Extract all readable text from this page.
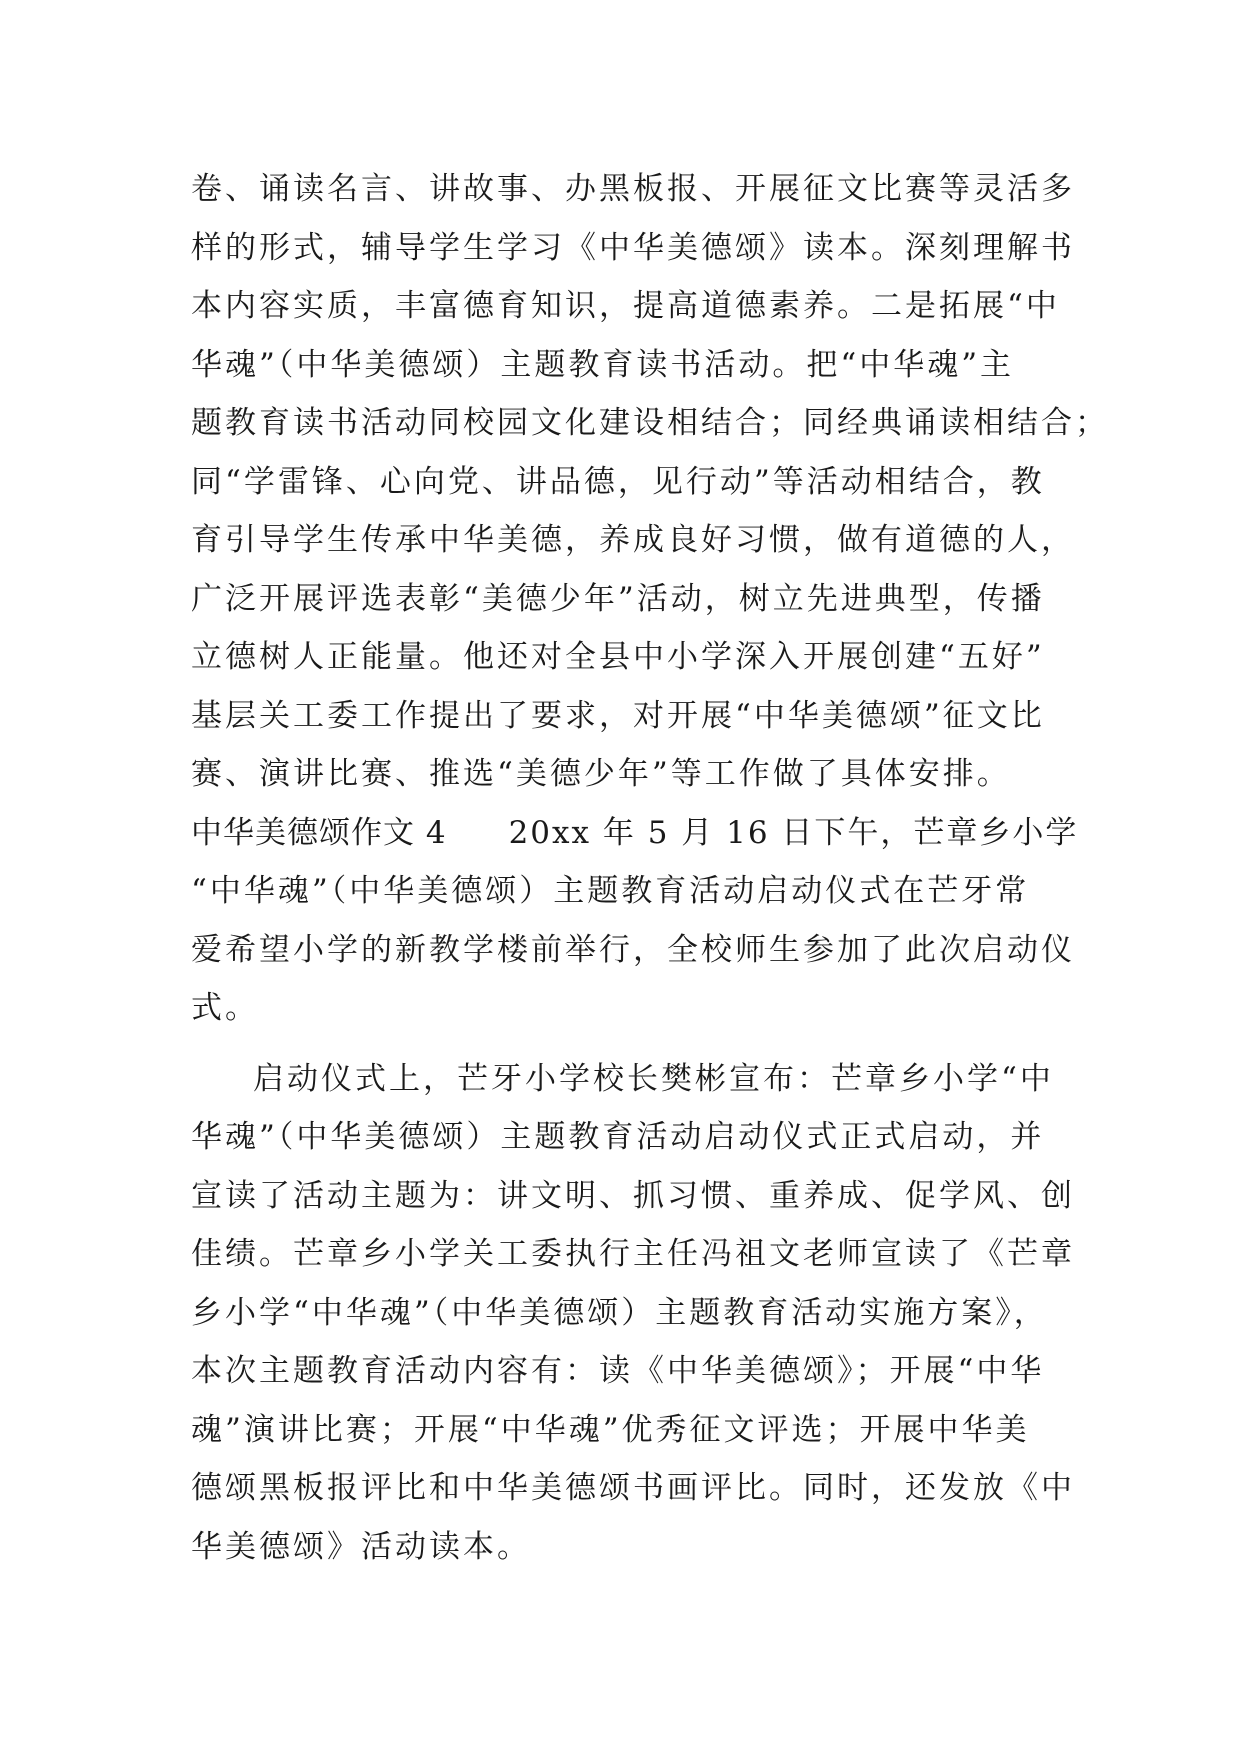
卷、诵读名言、讲故事、办黑板报、开展征文比赛等灵活多
样的形式，辅导学生学习《中华美德颂》读本。深刻理解书
本内容实质，丰富德育知识，提高道德素养。二是拓展“中
华魂”（中华美德颂）主题教育读书活动。把“中华魂”主
题教育读书活动同校园文化建设相结合；同经典诵读相结合；
同“学雷锋、心向党、讲品德，见行动”等活动相结合，教
育引导学生传承中华美德，养成良好习惯，做有道德的人，
广泛开展评选表彰“美德少年”活动，树立先进典型，传播
立德树人正能量。他还对全县中小学深入开展创建“五好”
基层关工委工作提出了要求，对开展“中华美德颂”征文比
赛、演讲比赛、推选“美德少年”等工作做了具体安排。
中华美德颂作文 4 20xx 年 5 月 16 日下午，芒章乡小学
“中华魂”（中华美德颂）主题教育活动启动仪式在芒牙常
爱希望小学的新教学楼前举行，全校师生参加了此次启动仪
式。
启动仪式上，芒牙小学校长樊彬宣布：芒章乡小学“中
华魂”（中华美德颂）主题教育活动启动仪式正式启动，并
宣读了活动主题为：讲文明、抓习惯、重养成、促学风、创
佳绩。芒章乡小学关工委执行主任冯祖文老师宣读了《芒章
乡小学“中华魂”（中华美德颂）主题教育活动实施方案》，
本次主题教育活动内容有：读《中华美德颂》；开展“中华
魂”演讲比赛；开展“中华魂”优秀征文评选；开展中华美
德颂黑板报评比和中华美德颂书画评比。同时，还发放《中
华美德颂》活动读本。
